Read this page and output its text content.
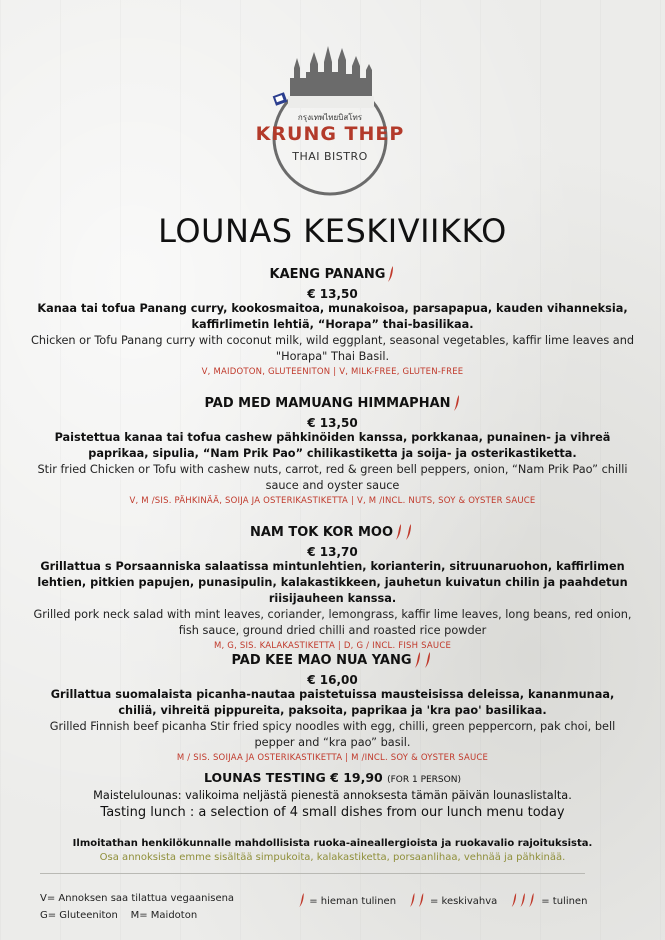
กรุงเทพไทยบิสโทร
KRUNG THEP
THAI BISTRO
LOUNAS KESKIVIIKKO
KAENG PANANG
€ 13,50
Kanaa tai tofua Panang curry, kookosmaitoa, munakoisoa, parsapapua, kauden vihanneksia, kaffirlimetin lehtiä, “Horapa” thai-basilikaa.
Chicken or Tofu Panang curry with coconut milk, wild eggplant, seasonal vegetables, kaffir lime leaves and "Horapa" Thai Basil.
V, MAIDOTON, GLUTEENITON | V, MILK-FREE, GLUTEN-FREE
PAD MED MAMUANG HIMMAPHAN
€ 13,50
Paistettua kanaa tai tofua cashew pähkinöiden kanssa, porkkanaa, punainen- ja vihreä paprikaa, sipulia, “Nam Prik Pao” chilikastiketta ja soija- ja osterikastiketta.
Stir fried Chicken or Tofu with cashew nuts, carrot, red & green bell peppers, onion, “Nam Prik Pao” chilli sauce and oyster sauce
V, M /SIS. PÄHKINÄÄ, SOIJA JA OSTERIKASTIKETTA | V, M /INCL. NUTS, SOY & OYSTER SAUCE
NAM TOK KOR MOO
€ 13,70
Grillattua s Porsaanniska salaatissa mintunlehtien, korianterin, sitruunaruohon, kaffirlimen lehtien, pitkien papujen, punasipulin, kalakastikkeen, jauhetun kuivatun chilin ja paahdetun riisijauheen kanssa.
Grilled pork neck salad with mint leaves, coriander, lemongrass, kaffir lime leaves, long beans, red onion, fish sauce, ground dried chilli and roasted rice powder
M, G, SIS. KALAKASTIKETTA | D, G / INCL. FISH SAUCE
PAD KEE MAO NUA YANG
€ 16,00
Grillattua suomalaista picanha-nautaa paistetuissa mausteisissa deleissa, kananmunaa, chiliä, vihreitä pippureita, paksoita, paprikaa ja 'kra pao' basilikaa.
Grilled Finnish beef picanha Stir fried spicy noodles with egg, chilli, green peppercorn, pak choi, bell pepper and “kra pao” basil.
M / SIS. SOIJAA JA OSTERIKASTIKETTA | M /INCL. SOY & OYSTER SAUCE
LOUNAS TESTING € 19,90 (FOR 1 PERSON)
Maistelulounas: valikoima neljästä pienestä annoksesta tämän päivän lounaslistalta.
Tasting lunch : a selection of 4 small dishes from our lunch menu today
Ilmoitathan henkilökunnalle mahdollisista ruoka-aineallergioista ja ruokavalio rajoituksista.
Osa annoksista emme sisältää simpukoita, kalakastiketta, porsaanlihaa, vehnää ja pähkinää.
V= Annoksen saa tilattua vegaanisena
G= Gluteeniton M= Maidoton
= hieman tulinen	= keskivahva	= tulinen
